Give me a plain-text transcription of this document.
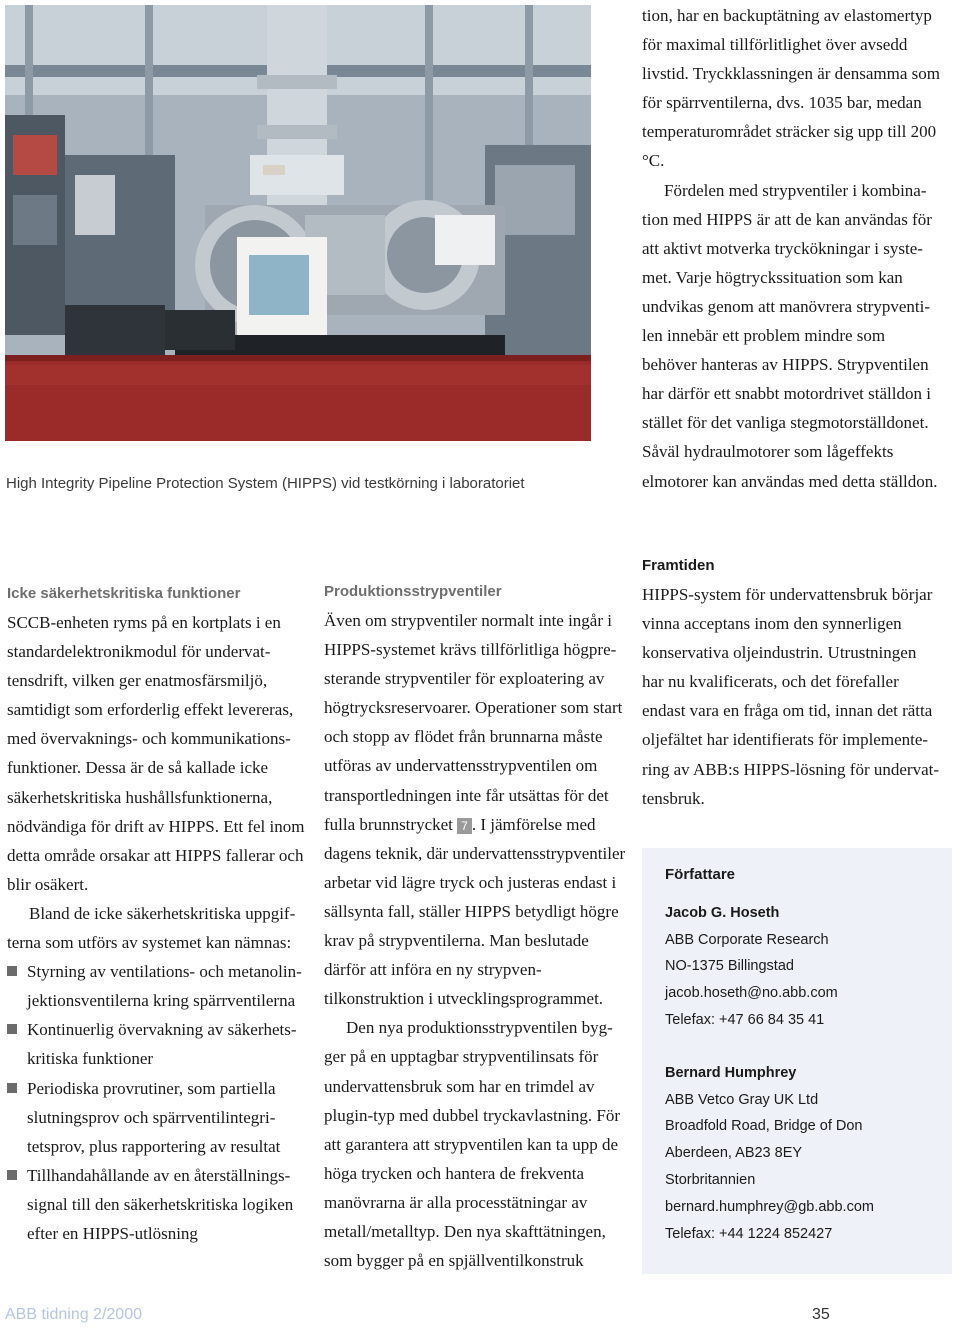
High Integrity Pipeline Protection System (HIPPS) vid testkörning i laboratoriet

tion, har en backuptätning av elastomertyp för maximal tillförlitlighet över avsedd livstid. Tryckklassningen är densamma som för spärrventilerna, dvs. 1035 bar, medan temperaturområdet sträcker sig upp till 200 °C.

Fördelen med strypventiler i kombination med HIPPS är att de kan användas för att aktivt motverka tryckökningar i systemet. Varje högtryckssituation som kan undvikas genom att manövrera strypventilen innebär ett problem mindre som behöver hanteras av HIPPS. Strypventilen har därför ett snabbt motordrivet ställdon i stället för det vanliga stegmotorställdonet. Såväl hydraulmotorer som lågeffekts elmotorer kan användas med detta ställdon.

Icke säkerhetskritiska funktioner

SCCB-enheten ryms på en kortplats i en standardelektronikmodul för undervattensdrift, vilken ger enatmosfärsmiljö, samtidigt som erforderlig effekt levereras, med övervaknings- och kommunikationsfunktioner. Dessa är de så kallade icke säkerhetskritiska hushållsfunktionerna, nödvändiga för drift av HIPPS. Ett fel inom detta område orsakar att HIPPS fallerar och blir osäkert.

Bland de icke säkerhetskritiska uppgifterna som utförs av systemet kan nämnas:

Styrning av ventilations- och metanolinjektionsventilerna kring spärrventilerna
Kontinuerlig övervakning av säkerhetskritiska funktioner
Periodiska provrutiner, som partiella slutningsprov och spärrventilintegritetsprov, plus rapportering av resultat
Tillhandahållande av en återställningssignal till den säkerhetskritiska logiken efter en HIPPS-utlösning
Produktionsstrypventiler

Även om strypventiler normalt inte ingår i HIPPS-systemet krävs tillförlitliga högpresterande strypventiler för exploatering av högtrycksreservoarer. Operationer som start och stopp av flödet från brunnarna måste utföras av undervattensstrypventilen om transportledningen inte får utsättas för det fulla brunnstrycket 7 . I jämförelse med dagens teknik, där undervattensstrypventiler arbetar vid lägre tryck och justeras endast i sällsynta fall, ställer HIPPS betydligt högre krav på strypventilerna. Man beslutade därför att införa en ny strypventilkonstruktion i utvecklingsprogrammet.

Den nya produktionsstrypventilen bygger på en upptagbar strypventilinsats för undervattensbruk som har en trimdel av plugin-typ med dubbel tryckavlastning. För att garantera att strypventilen kan ta upp de höga trycken och hantera de frekventa manövrarna är alla processtätningar av metall/metalltyp. Den nya skafttätningen, som bygger på en spjällventilkonstruk

Framtiden

HIPPS-system för undervattensbruk börjar vinna acceptans inom den synnerligen konservativa oljeindustrin. Utrustningen har nu kvalificerats, och det förefaller endast vara en fråga om tid, innan det rätta oljefältet har identifierats för implementering av ABB:s HIPPS-lösning för undervattensbruk.

Författare
Jacob G. Hoseth
ABB Corporate Research
NO-1375 Billingstad
jacob.hoseth@no.abb.com
Telefax: +47 66 84 35 41
Bernard Humphrey
ABB Vetco Gray UK Ltd
Broadfold Road, Bridge of Don
Aberdeen, AB23 8EY
Storbritannien
bernard.humphrey@gb.abb.com
Telefax: +44 1224 852427
ABB tidning 2/2000	35
